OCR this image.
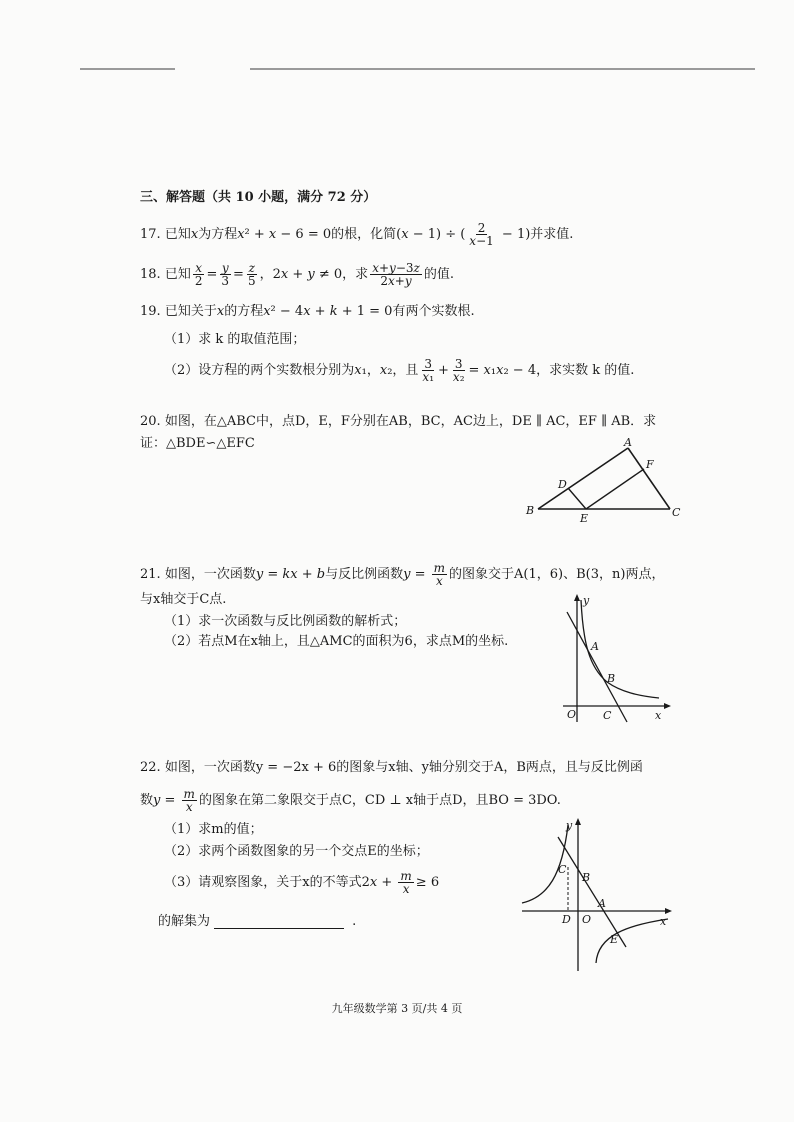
三、解答题（共 10 小题，满分 72 分）
17. 已知x为方程x² + x − 6 = 0的根，化简(x − 1) ÷ ( $\frac{2}{x-1} - 1$)并求值.
18. 已知 $\frac{x}{2} = \frac{y}{3} = \frac{z}{5}$ ，2x + y ≠ 0，求 $\frac{x+y-3z}{2x+y}$ 的值.
19. 已知关于x的方程x² − 4x + k + 1 = 0有两个实数根.
（1）求 k 的取值范围；
（2）设方程的两个实数根分别为x₁，x₂，且 $\frac{3}{\text{x₁}} + \frac{3}{\text{x₂}} = x_1x_2 - 4$，求实数 k 的值.
20. 如图，在△ABC中，点D，E，F分别在AB，BC，AC边上，DE ∥ AC，EF ∥ AB．求
证：△BDE∽△EFC	A
B	C
D
E
F
21. 如图，一次函数y = kx + b与反比例函数$y = \frac{m}{x}$ 的图象交于A(1，6)、B(3，n)两点，
与x轴交于C点.
（1）求一次函数与反比例函数的解析式；
（2）若点M在x轴上，且△AMC的面积为6，求点M的坐标.
y
x
O
A
B
C
22. 如图，一次函数y = −2x + 6的图象与x轴、y轴分别交于A，B两点，且与反比例函
数$y = \frac{m}{x}$ 的图象在第二象限交于点C，CD ⊥ x轴于点D，且BO = 3DO.
（1）求m的值；
（2）求两个函数图象的另一个交点E的坐标；
（3）请观察图象，关于x的不等式$2x + \frac{m}{x} \ge 6$
的解集为	.
y
x
O
C
B
A
D
E
九年级数学第 3 页/共 4 页
